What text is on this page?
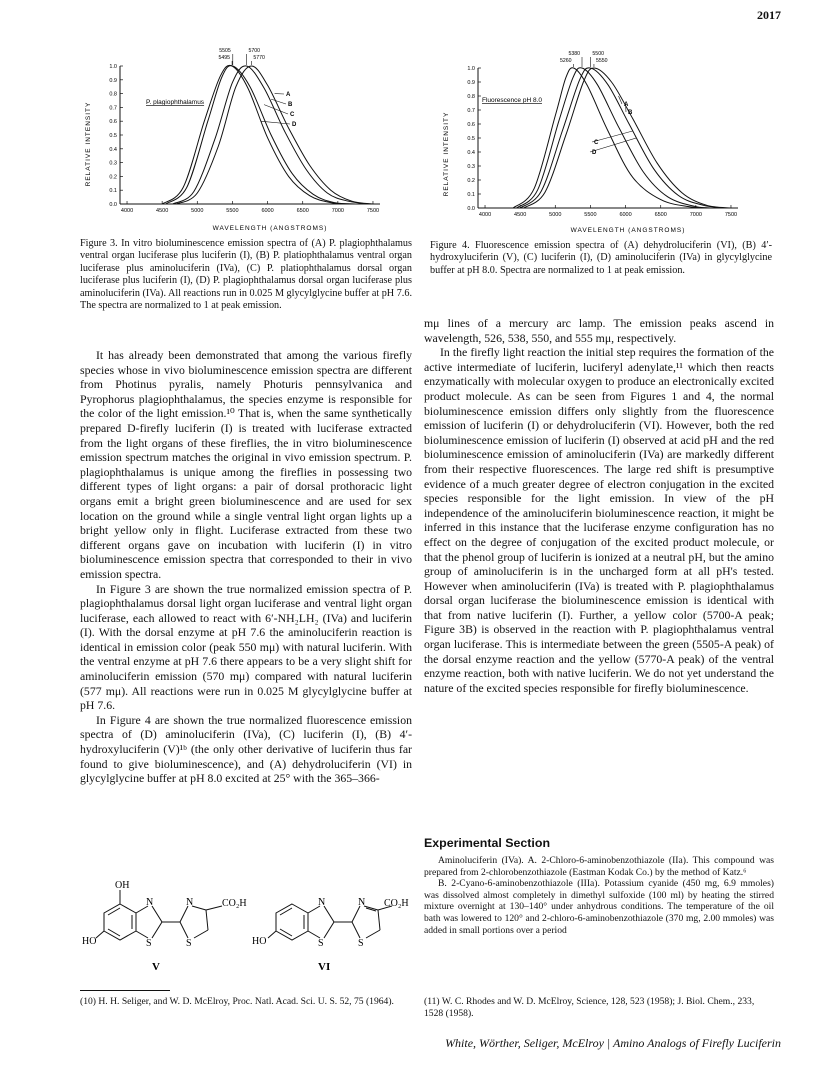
2017
RELATIVE INTENSITY
WAVELENGTH (ANGSTROMS)
1.0
0.9
0.8
0.7
0.6
0.5
0.4
0.3
0.2
0.1
0.0
4000	4500	5000	5500	6000	6500	7000	7500
P. plagiophthalamus
5505
5495
5700
5770
A
B
C
D	RELATIVE INTENSITY
WAVELENGTH (ANGSTROMS)
1.0
0.9
0.8
0.7
0.6
0.5
0.4
0.3
0.2
0.1
0.0
4000	4500	5000	5500	6000	6500	7000	7500
Fluorescence pH 8.0
5260
5380 5500
5550
A
B
C
D
Figure 3. In vitro bioluminescence emission spectra of (A) P. plagiophthalamus ventral organ luciferase plus luciferin (I), (B) P. platiophthalamus ventral organ luciferase plus aminoluciferin (IVa), (C) P. platiophthalamus dorsal organ luciferase plus luciferin (I), (D) P. plagiophthalamus dorsal organ luciferase plus aminoluciferin (IVa). All reactions run in 0.025 M glycylglycine buffer at pH 7.6. The spectra are normalized to 1 at peak emission.
Figure 4. Fluorescence emission spectra of (A) dehydroluciferin (VI), (B) 4′-hydroxyluciferin (V), (C) luciferin (I), (D) aminoluciferin (IVa) in glycylglycine buffer at pH 8.0. Spectra are normalized to 1 at peak emission.

mμ lines of a mercury arc lamp. The emission peaks ascend in wavelength, 526, 538, 550, and 555 mμ, respectively.

In the firefly light reaction the initial step requires the formation of the active intermediate of luciferin, luciferyl adenylate,¹¹ which then reacts enzymatically with molecular oxygen to produce an electronically excited product molecule. As can be seen from Figures 1 and 4, the normal bioluminescence emission differs only slightly from the fluorescence emission of luciferin (I) or dehydroluciferin (VI). However, both the red bioluminescence emission of luciferin (I) observed at acid pH and the red bioluminescence emission of aminoluciferin (IVa) are markedly different from their respective fluorescences. The large red shift is presumptive evidence of a much greater degree of electron conjugation in the excited species responsible for the light emission. In view of the pH independence of the aminoluciferin bioluminescence reaction, it might be inferred in this instance that the luciferase enzyme configuration has no effect on the degree of conjugation of the excited product molecule, or that the phenol group of luciferin is ionized at a neutral pH, but the amino group of aminoluciferin is in the uncharged form at all pH's tested. However when aminoluciferin (IVa) is treated with P. plagiophthalamus dorsal organ luciferase the bioluminescence emission is identical with that from native luciferin (I). Further, a yellow color (5700-A peak; Figure 3B) is observed in the reaction with P. plagiophthalamus ventral organ luciferase. This is intermediate between the green (5505-A peak) of the dorsal enzyme reaction and the yellow (5770-A peak) of the ventral enzyme reaction, both with native luciferin. We do not yet understand the nature of the excited species responsible for firefly bioluminescence.

It has already been demonstrated that among the various firefly species whose in vivo bioluminescence emission spectra are different from Photinus pyralis, namely Photuris pennsylvanica and Pyrophorus plagiophthalamus, the species enzyme is responsible for the color of the light emission.¹⁰ That is, when the same synthetically prepared D-firefly luciferin (I) is treated with luciferase extracted from the light organs of these fireflies, the in vitro bioluminescence emission spectrum matches the original in vivo emission spectrum. P. plagiophthalamus is unique among the fireflies in possessing two different types of light organs: a pair of dorsal prothoracic light organs emit a bright green bioluminescence and are used for sex location on the ground while a single ventral light organ lights up a bright yellow only in flight. Luciferase extracted from these two different organs gave on incubation with luciferin (I) in vitro bioluminescence emission spectra that corresponded to their in vivo emission spectra.

In Figure 3 are shown the true normalized emission spectra of P. plagiophthalamus dorsal light organ luciferase and ventral light organ luciferase, each allowed to react with 6′-NH₂LH₂ (IVa) and luciferin (I). With the dorsal enzyme at pH 7.6 the aminoluciferin reaction is identical in emission color (peak 550 mμ) with natural luciferin. With the ventral enzyme at pH 7.6 there appears to be a very slight shift for aminoluciferin emission (570 mμ) compared with natural luciferin (577 mμ). All reactions were run in 0.025 M glycylglycine buffer at pH 7.6.

In Figure 4 are shown the true normalized fluorescence emission spectra of (D) aminoluciferin (IVa), (C) luciferin (I), (B) 4′-hydroxyluciferin (V)¹ᵇ (the only other derivative of luciferin thus far found to give bioluminescence), and (A) dehydroluciferin (VI) in glycylglycine buffer at pH 8.0 excited at 25° with the 365–366-

OH
HO
N
S
N
S
CO₂H
V
HO
N
S
N
S
CO₂H
VI
Experimental Section

Aminoluciferin (IVa). A. 2-Chloro-6-aminobenzothiazole (IIa). This compound was prepared from 2-chlorobenzothiazole (Eastman Kodak Co.) by the method of Katz.⁶

B. 2-Cyano-6-aminobenzothiazole (IIIa). Potassium cyanide (450 mg, 6.9 mmoles) was dissolved almost completely in dimethyl sulfoxide (100 ml) by heating the stirred mixture overnight at 130–140° under anhydrous conditions. The temperature of the oil bath was lowered to 120° and 2-chloro-6-aminobenzothiazole (370 mg, 2.00 mmoles) was added in small portions over a period

(10) H. H. Seliger, and W. D. McElroy, Proc. Natl. Acad. Sci. U. S. 52, 75 (1964).	(11) W. C. Rhodes and W. D. McElroy, Science, 128, 523 (1958); J. Biol. Chem., 233, 1528 (1958).
White, Wörther, Seliger, McElroy | Amino Analogs of Firefly Luciferin
